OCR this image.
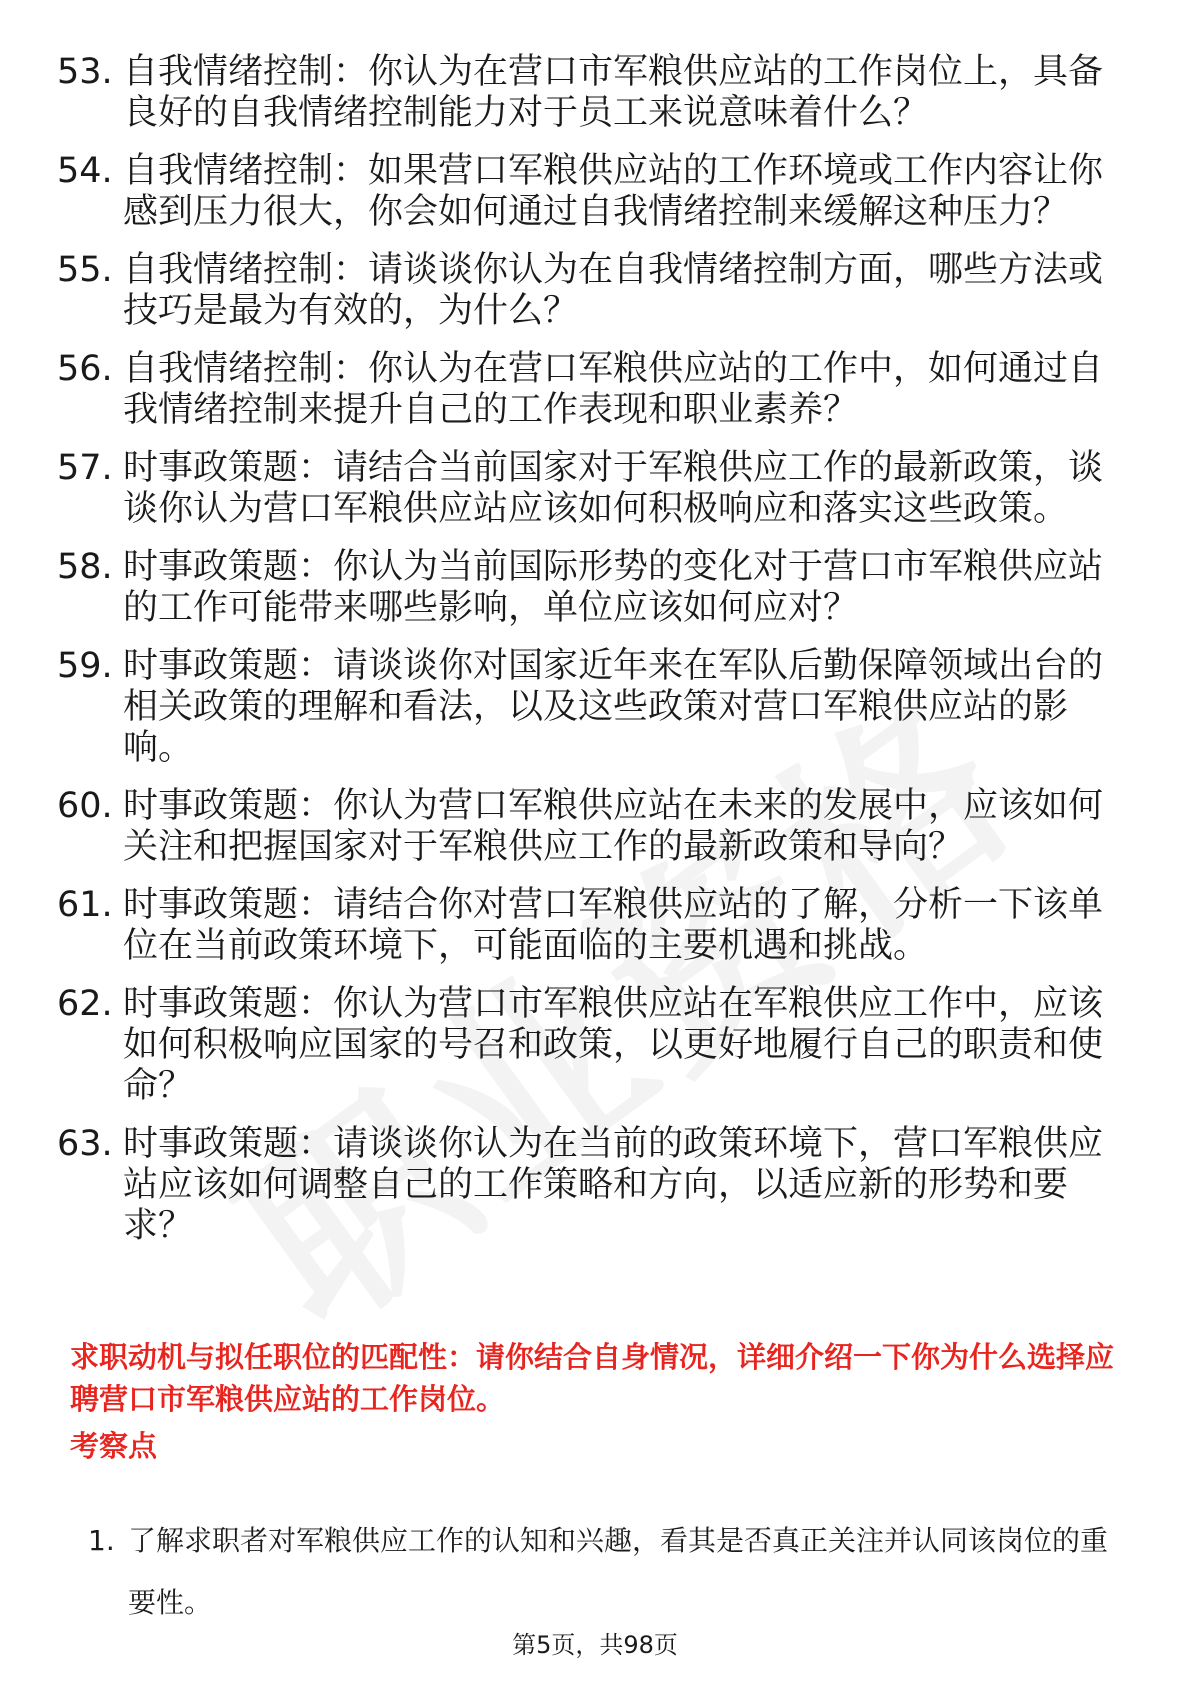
53. 自我情绪控制：你认为在营口市军粮供应站的工作岗位上，具备良好的自我情绪控制能力对于员工来说意味着什么？
54. 自我情绪控制：如果营口军粮供应站的工作环境或工作内容让你感到压力很大，你会如何通过自我情绪控制来缓解这种压力？
55. 自我情绪控制：请谈谈你认为在自我情绪控制方面，哪些方法或技巧是最为有效的，为什么？
56. 自我情绪控制：你认为在营口军粮供应站的工作中，如何通过自我情绪控制来提升自己的工作表现和职业素养？
57. 时事政策题：请结合当前国家对于军粮供应工作的最新政策，谈谈你认为营口军粮供应站应该如何积极响应和落实这些政策。
58. 时事政策题：你认为当前国际形势的变化对于营口市军粮供应站的工作可能带来哪些影响，单位应该如何应对？
59. 时事政策题：请谈谈你对国家近年来在军队后勤保障领域出台的相关政策的理解和看法，以及这些政策对营口军粮供应站的影响。
60. 时事政策题：你认为营口军粮供应站在未来的发展中，应该如何关注和把握国家对于军粮供应工作的最新政策和导向？
61. 时事政策题：请结合你对营口军粮供应站的了解，分析一下该单位在当前政策环境下，可能面临的主要机遇和挑战。
62. 时事政策题：你认为营口市军粮供应站在军粮供应工作中，应该如何积极响应国家的号召和政策，以更好地履行自己的职责和使命？
63. 时事政策题：请谈谈你认为在当前的政策环境下，营口军粮供应站应该如何调整自己的工作策略和方向，以适应新的形势和要求？
求职动机与拟任职位的匹配性：请你结合自身情况，详细介绍一下你为什么选择应聘营口市军粮供应站的工作岗位。
考察点
1. 了解求职者对军粮供应工作的认知和兴趣，看其是否真正关注并认同该岗位的重要性。
第5页，共98页
